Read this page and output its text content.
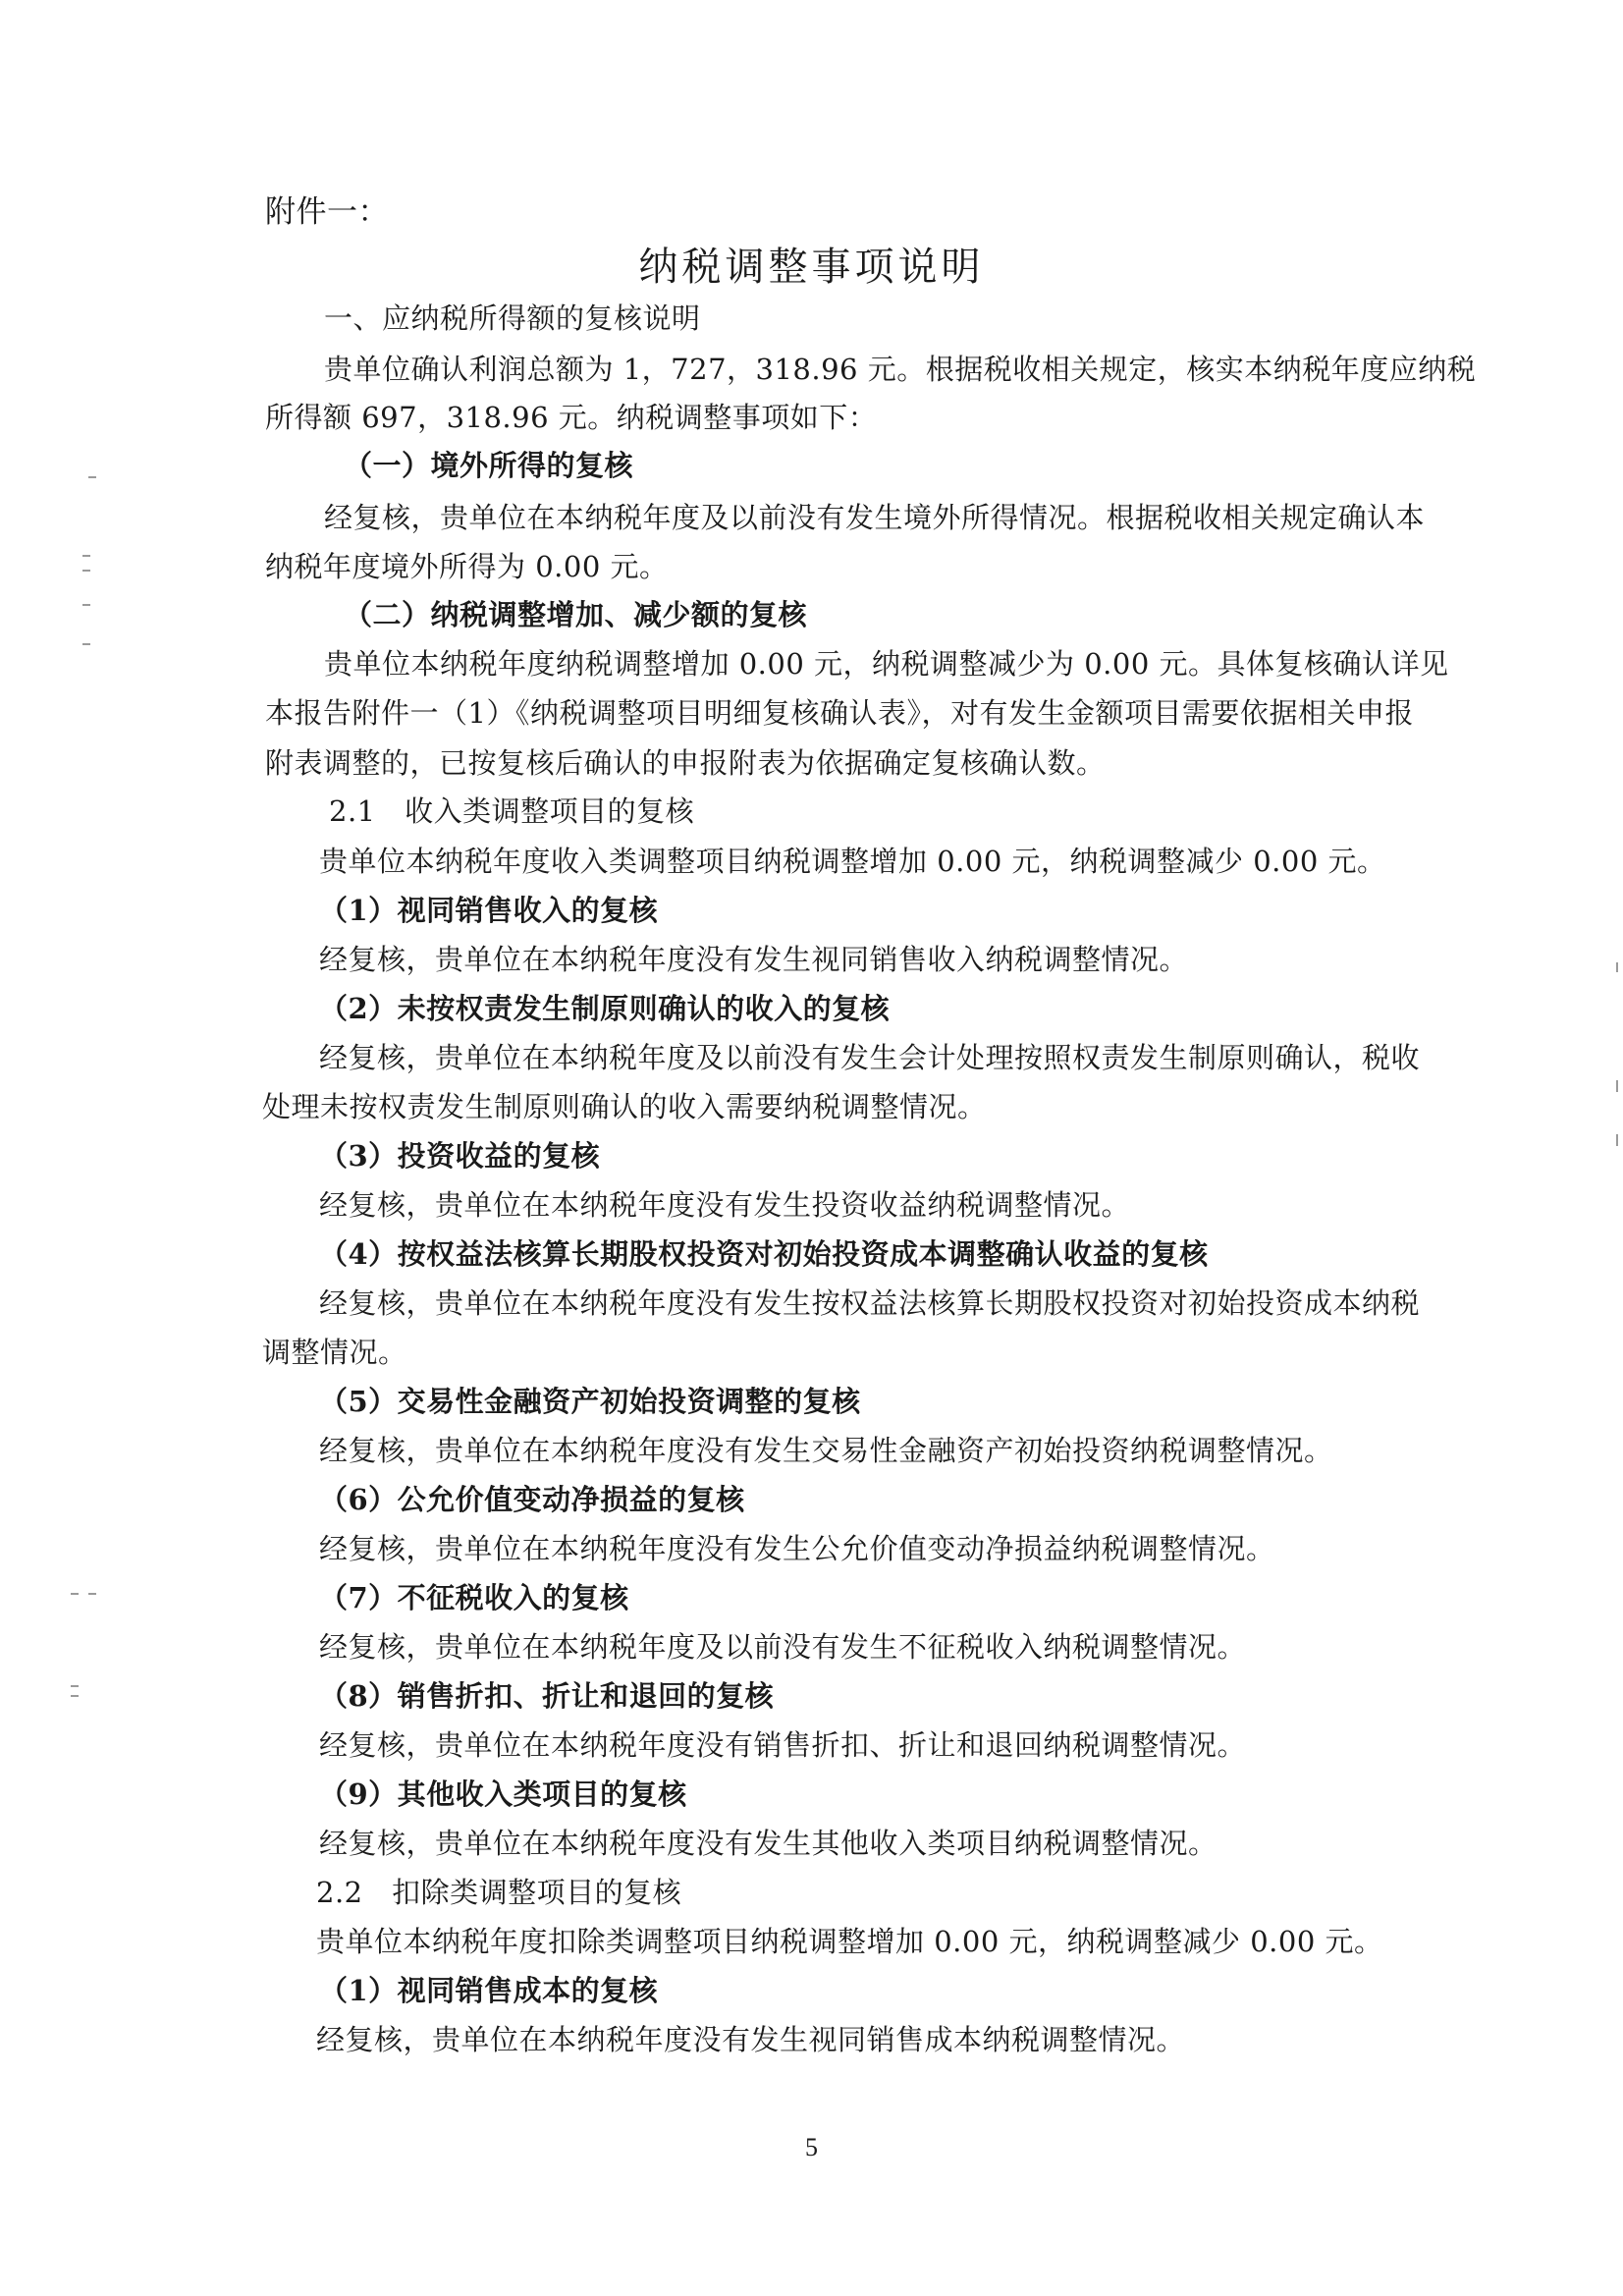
附件一：
纳税调整事项说明
一、应纳税所得额的复核说明
贵单位确认利润总额为 1，727，318.96 元。根据税收相关规定，核实本纳税年度应纳税
所得额 697，318.96 元。纳税调整事项如下：
（一）境外所得的复核
经复核，贵单位在本纳税年度及以前没有发生境外所得情况。根据税收相关规定确认本
纳税年度境外所得为 0.00 元。
（二）纳税调整增加、减少额的复核
贵单位本纳税年度纳税调整增加 0.00 元，纳税调整减少为 0.00 元。具体复核确认详见
本报告附件一（1）《纳税调整项目明细复核确认表》，对有发生金额项目需要依据相关申报
附表调整的，已按复核后确认的申报附表为依据确定复核确认数。
2.1　收入类调整项目的复核
贵单位本纳税年度收入类调整项目纳税调整增加 0.00 元，纳税调整减少 0.00 元。
（1）视同销售收入的复核
经复核，贵单位在本纳税年度没有发生视同销售收入纳税调整情况。
（2）未按权责发生制原则确认的收入的复核
经复核，贵单位在本纳税年度及以前没有发生会计处理按照权责发生制原则确认，税收
处理未按权责发生制原则确认的收入需要纳税调整情况。
（3）投资收益的复核
经复核，贵单位在本纳税年度没有发生投资收益纳税调整情况。
（4）按权益法核算长期股权投资对初始投资成本调整确认收益的复核
经复核，贵单位在本纳税年度没有发生按权益法核算长期股权投资对初始投资成本纳税
调整情况。
（5）交易性金融资产初始投资调整的复核
经复核，贵单位在本纳税年度没有发生交易性金融资产初始投资纳税调整情况。
（6）公允价值变动净损益的复核
经复核，贵单位在本纳税年度没有发生公允价值变动净损益纳税调整情况。
（7）不征税收入的复核
经复核，贵单位在本纳税年度及以前没有发生不征税收入纳税调整情况。
（8）销售折扣、折让和退回的复核
经复核，贵单位在本纳税年度没有销售折扣、折让和退回纳税调整情况。
（9）其他收入类项目的复核
经复核，贵单位在本纳税年度没有发生其他收入类项目纳税调整情况。
2.2　扣除类调整项目的复核
贵单位本纳税年度扣除类调整项目纳税调整增加 0.00 元，纳税调整减少 0.00 元。
（1）视同销售成本的复核
经复核，贵单位在本纳税年度没有发生视同销售成本纳税调整情况。
5
